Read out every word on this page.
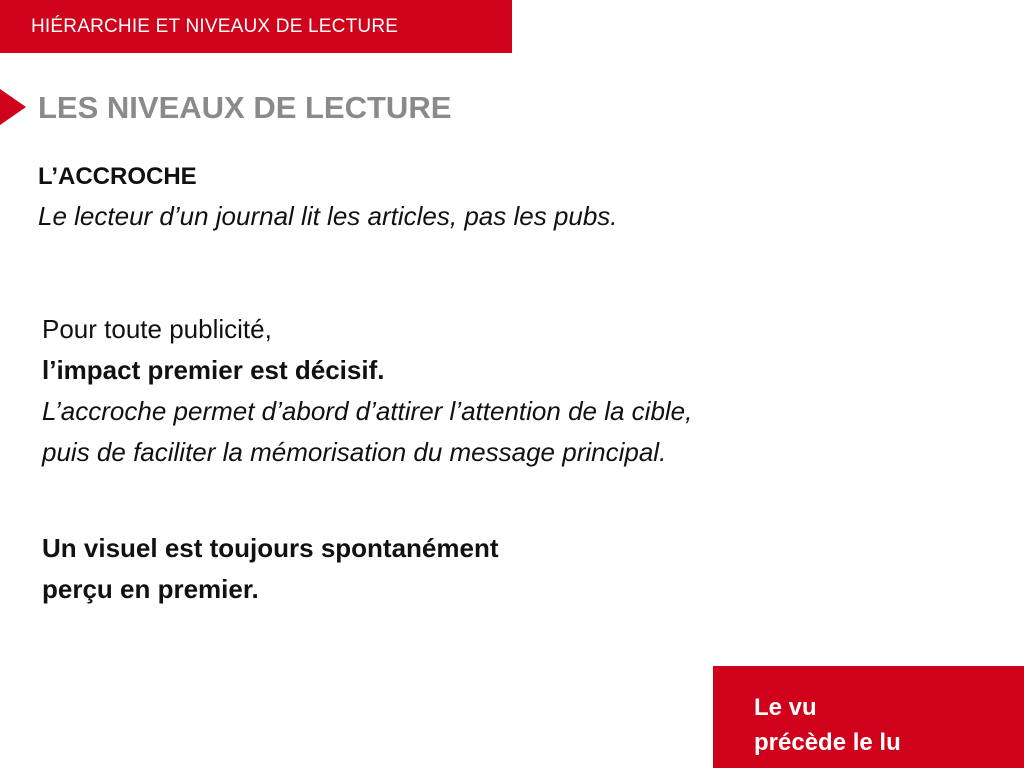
HIÉRARCHIE ET NIVEAUX DE LECTURE
LES NIVEAUX DE LECTURE
L’ACCROCHE
Le lecteur d’un journal lit les articles, pas les pubs.
Pour toute publicité,
l’impact premier est décisif.
L’accroche permet d’abord d’attirer l’attention de la cible,
puis de faciliter la mémorisation du message principal.
Un visuel est toujours spontanément
perçu en premier.
Le vu
précède le lu
